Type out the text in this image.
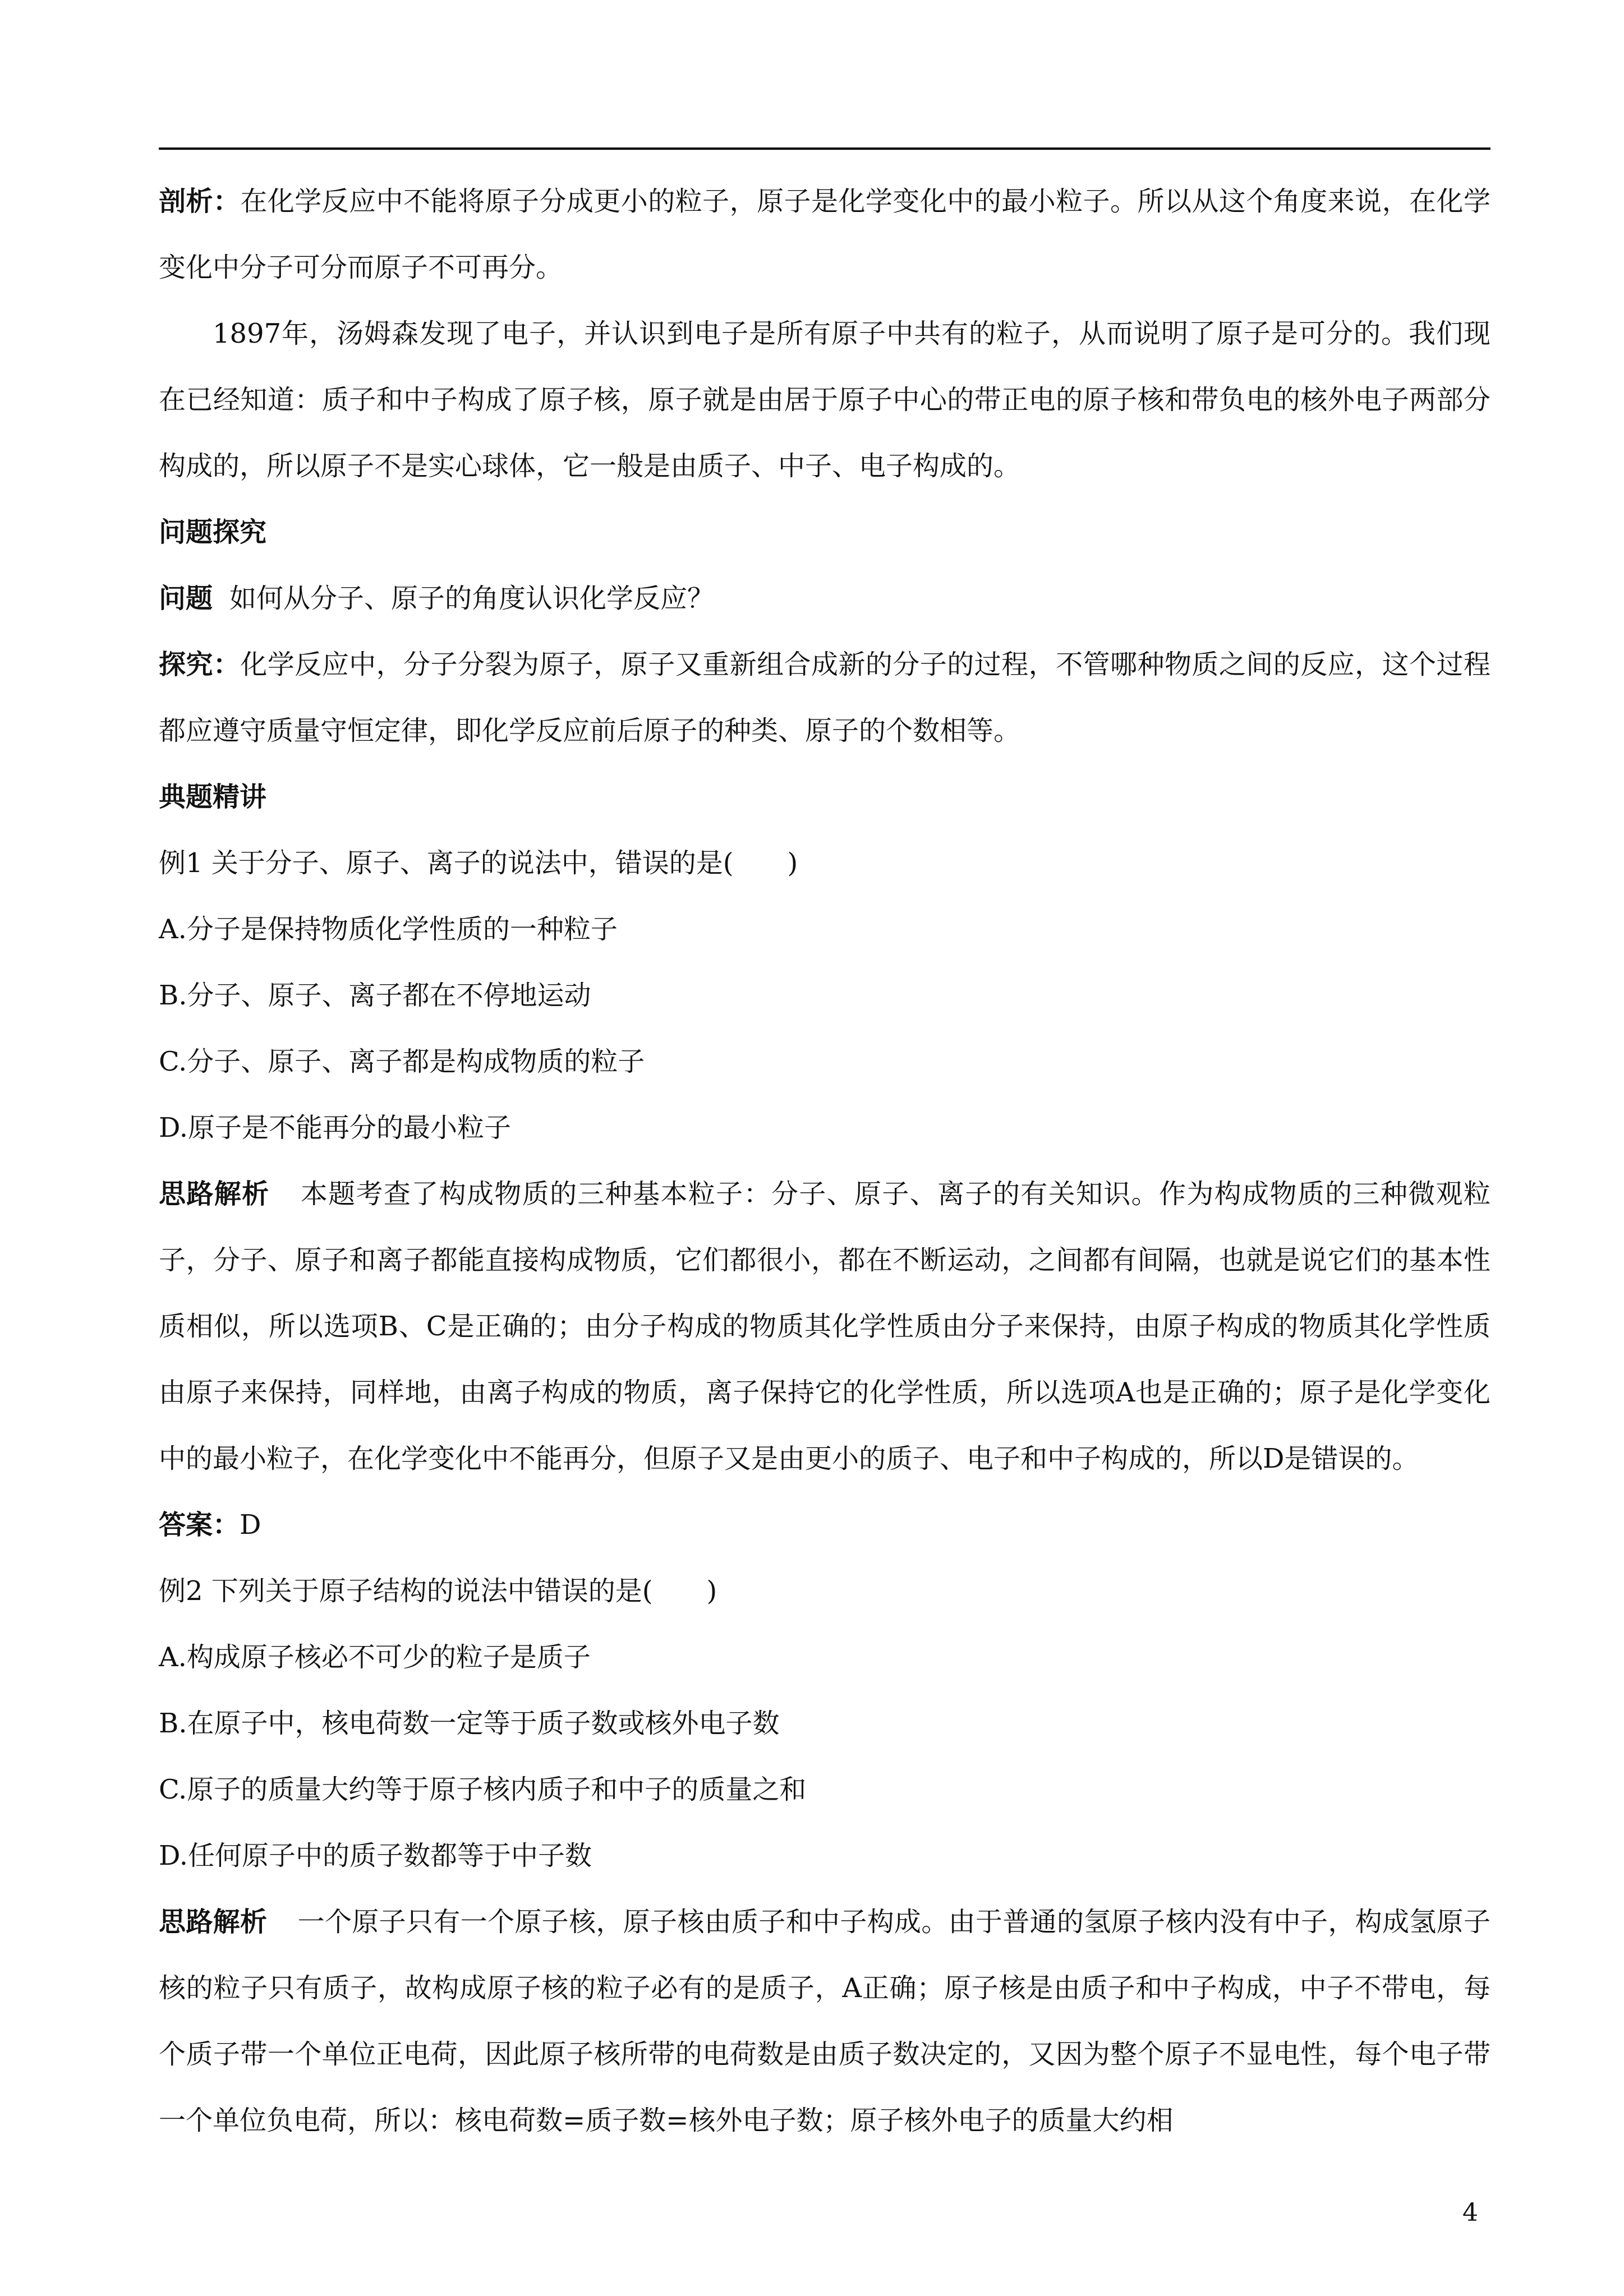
剖析：在化学反应中不能将原子分成更小的粒子，原子是化学变化中的最小粒子。所以从这个角度来说，在化学变化中分子可分而原子不可再分。

1897年，汤姆森发现了电子，并认识到电子是所有原子中共有的粒子，从而说明了原子是可分的。我们现在已经知道：质子和中子构成了原子核，原子就是由居于原子中心的带正电的原子核和带负电的核外电子两部分构成的，所以原子不是实心球体，它一般是由质子、中子、电子构成的。

问题探究

问题 如何从分子、原子的角度认识化学反应？

探究：化学反应中，分子分裂为原子，原子又重新组合成新的分子的过程，不管哪种物质之间的反应，这个过程都应遵守质量守恒定律，即化学反应前后原子的种类、原子的个数相等。

典题精讲

例1 关于分子、原子、离子的说法中，错误的是(　　)

A.分子是保持物质化学性质的一种粒子

B.分子、原子、离子都在不停地运动

C.分子、原子、离子都是构成物质的粒子

D.原子是不能再分的最小粒子

思路解析 本题考查了构成物质的三种基本粒子：分子、原子、离子的有关知识。作为构成物质的三种微观粒子，分子、原子和离子都能直接构成物质，它们都很小，都在不断运动，之间都有间隔，也就是说它们的基本性质相似，所以选项B、C是正确的；由分子构成的物质其化学性质由分子来保持，由原子构成的物质其化学性质由原子来保持，同样地，由离子构成的物质，离子保持它的化学性质，所以选项A也是正确的；原子是化学变化中的最小粒子，在化学变化中不能再分，但原子又是由更小的质子、电子和中子构成的，所以D是错误的。

答案：D

例2 下列关于原子结构的说法中错误的是(　　)

A.构成原子核必不可少的粒子是质子

B.在原子中，核电荷数一定等于质子数或核外电子数

C.原子的质量大约等于原子核内质子和中子的质量之和

D.任何原子中的质子数都等于中子数

思路解析 一个原子只有一个原子核，原子核由质子和中子构成。由于普通的氢原子核内没有中子，构成氢原子核的粒子只有质子，故构成原子核的粒子必有的是质子，A正确；原子核是由质子和中子构成，中子不带电，每个质子带一个单位正电荷，因此原子核所带的电荷数是由质子数决定的，又因为整个原子不显电性，每个电子带一个单位负电荷，所以：核电荷数=质子数=核外电子数；原子核外电子的质量大约相

4
